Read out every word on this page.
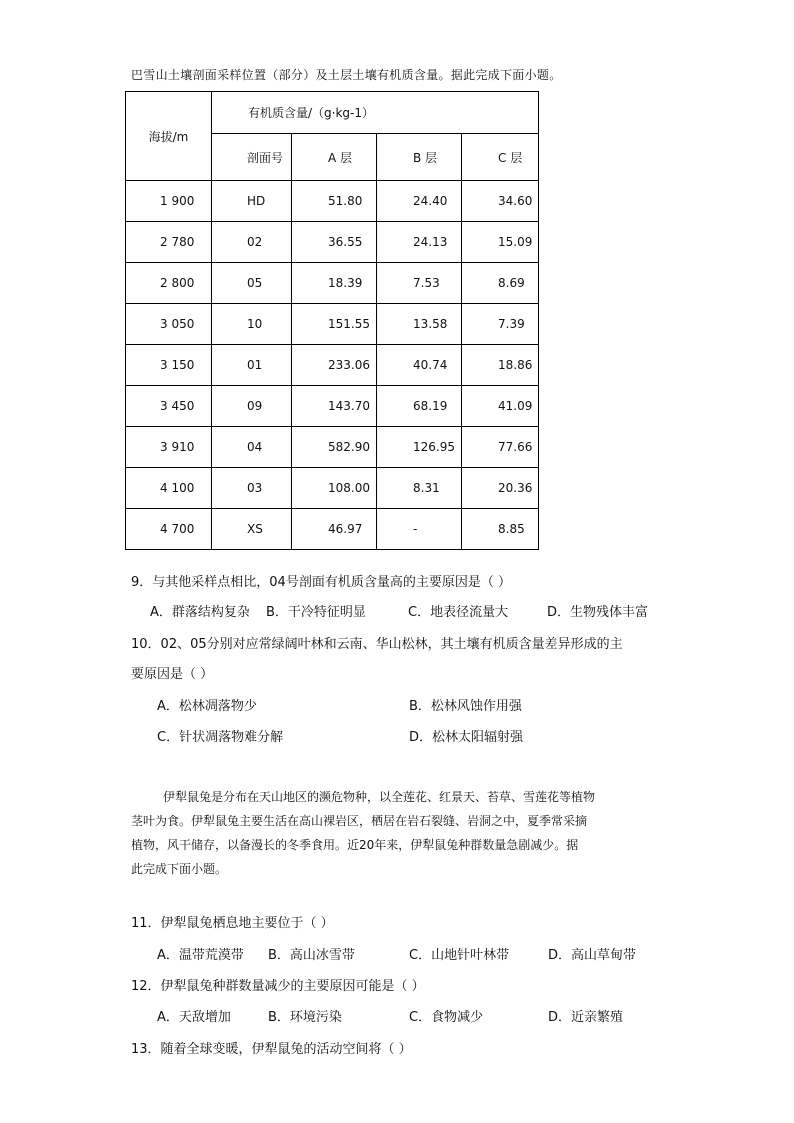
巴雪山土壤剖面采样位置（部分）及土层土壤有机质含量。据此完成下面小题。
海拔/m	有机质含量/（g·kg-1）			
	剖面号	A 层	B 层	C 层
1 900	HD	51.80	24.40	34.60
2 780	02	36.55	24.13	15.09
2 800	05	18.39	7.53	8.69
3 050	10	151.55	13.58	7.39
3 150	01	233.06	40.74	18.86
3 450	09	143.70	68.19	41.09
3 910	04	582.90	126.95	77.66
4 100	03	108.00	8.31	20.36
4 700	XS	46.97	-	8.85
9．与其他采样点相比，04号剖面有机质含量高的主要原因是（ ）
A．群落结构复杂 B．干冷特征明显	C．地表径流量大	D．生物残体丰富
10．02、05分别对应常绿阔叶林和云南、华山松林，其土壤有机质含量差异形成的主
要原因是（ ）
A．松林凋落物少	B．松林风蚀作用强
C．针状凋落物难分解	D．松林太阳辐射强
伊犁鼠兔是分布在天山地区的濒危物种，以全莲花、红景天、苔草、雪莲花等植物
茎叶为食。伊犁鼠兔主要生活在高山裸岩区，栖居在岩石裂缝、岩洞之中，夏季常采摘
植物，风干储存，以备漫长的冬季食用。近20年来，伊犁鼠兔种群数量急剧减少。据
此完成下面小题。
11．伊犁鼠兔栖息地主要位于（ ）
A．温带荒漠带 B．高山冰雪带	C．山地针叶林带	D．高山草甸带
12．伊犁鼠兔种群数量减少的主要原因可能是（ ）
A．天敌增加	B．环境污染	C．食物减少	D．近亲繁殖
13．随着全球变暖，伊犁鼠兔的活动空间将（ ）
